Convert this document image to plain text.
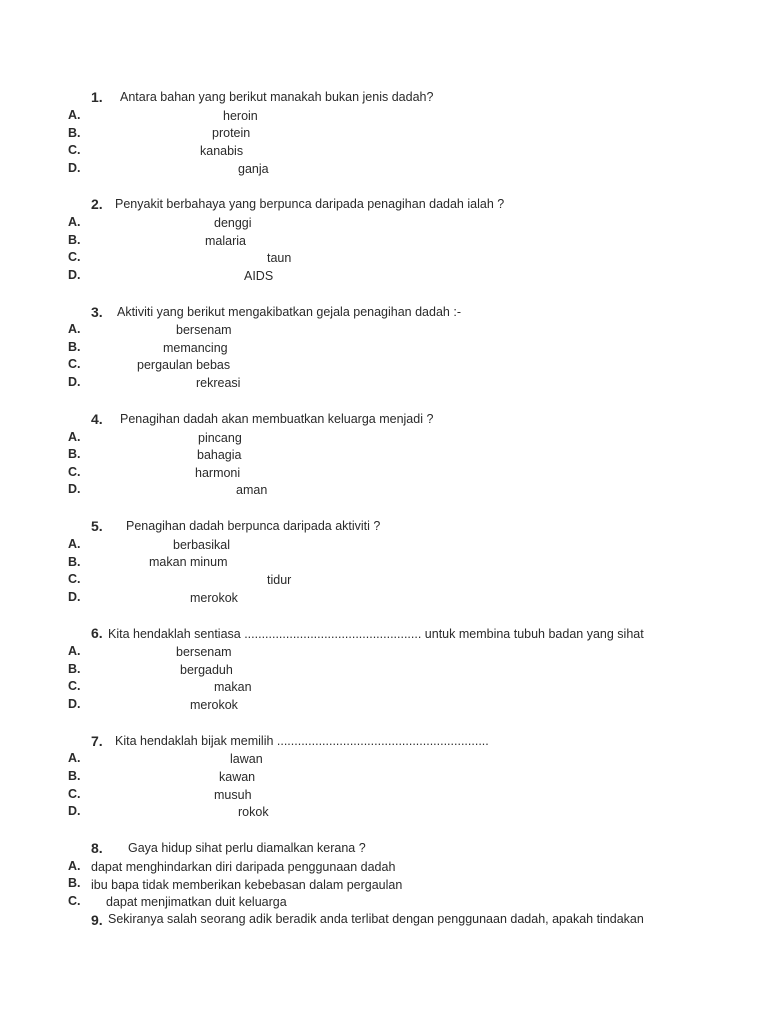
1. Antara bahan yang berikut manakah bukan jenis dadah?
A.	heroin
B.	protein
C.	kanabis
D.	ganja
2. Penyakit berbahaya yang berpunca daripada penagihan dadah ialah ?
A.	denggi
B.	malaria
C.	taun
D.	AIDS
3. Aktiviti yang berikut mengakibatkan gejala penagihan dadah :-
A.	bersenam
B.	memancing
C.	pergaulan bebas
D.	rekreasi
4. Penagihan dadah akan membuatkan keluarga menjadi ?
A.	pincang
B.	bahagia
C.	harmoni
D.	aman
5. Penagihan dadah berpunca daripada aktiviti ?
A.	berbasikal
B.	makan minum
C.	tidur
D.	merokok
6. Kita hendaklah sentiasa ................................................... untuk membina tubuh badan yang sihat
A.	bersenam
B.	bergaduh
C.	makan
D.	merokok
7. Kita hendaklah bijak memilih .............................................................
A.	lawan
B.	kawan
C.	musuh
D.	rokok
8. Gaya hidup sihat perlu diamalkan kerana ?
A. dapat menghindarkan diri daripada penggunaan dadah
B. ibu bapa tidak memberikan kebebasan dalam pergaulan
C. dapat menjimatkan duit keluarga
9. Sekiranya salah seorang adik beradik anda terlibat dengan penggunaan dadah, apakah tindakan
